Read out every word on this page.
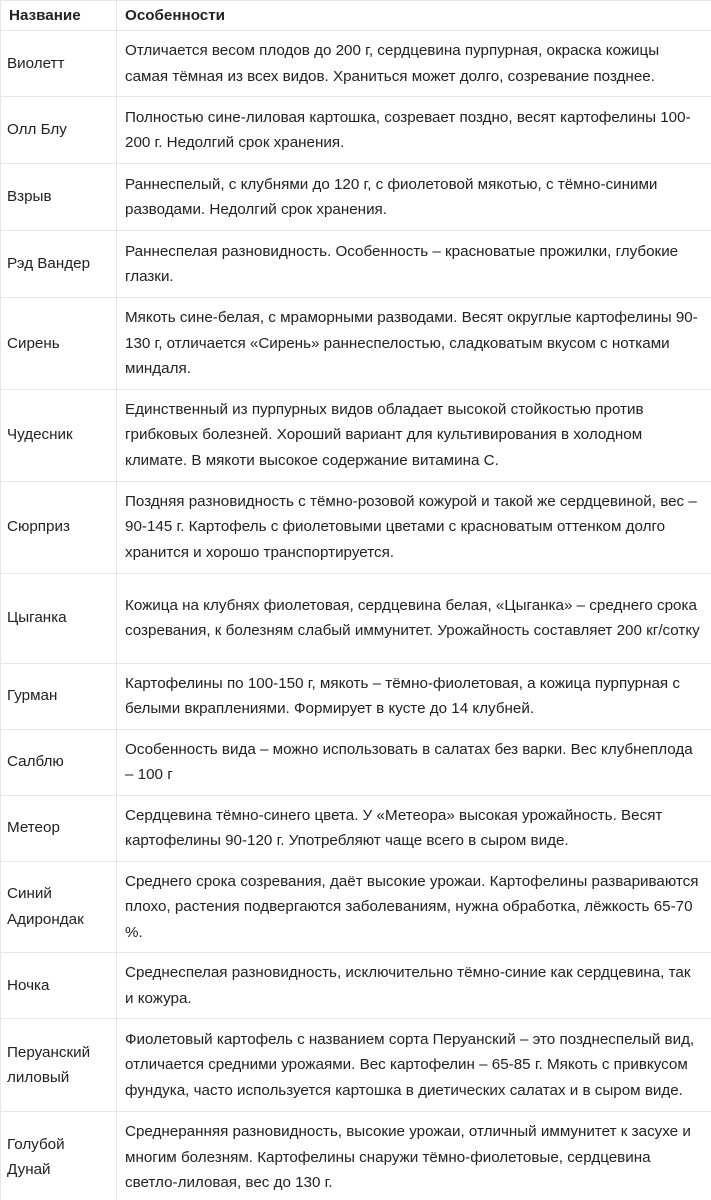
Название	Особенности
Виолетт	Отличается весом плодов до 200 г, сердцевина пурпурная, окраска кожицы самая тёмная из всех видов. Храниться может долго, созревание позднее.
Олл Блу	Полностью сине-лиловая картошка, созревает поздно, весят картофелины 100-200 г. Недолгий срок хранения.
Взрыв	Раннеспелый, с клубнями до 120 г, с фиолетовой мякотью, с тёмно-синими разводами. Недолгий срок хранения.
Рэд Вандер	Раннеспелая разновидность. Особенность – красноватые прожилки, глубокие глазки.
Сирень	Мякоть сине-белая, с мраморными разводами. Весят округлые картофелины 90-130 г, отличается «Сирень» раннеспелостью, сладковатым вкусом с нотками миндаля.
Чудесник	Единственный из пурпурных видов обладает высокой стойкостью против грибковых болезней. Хороший вариант для культивирования в холодном климате. В мякоти высокое содержание витамина С.
Сюрприз	Поздняя разновидность с тёмно-розовой кожурой и такой же сердцевиной, вес – 90-145 г. Картофель с фиолетовыми цветами с красноватым оттенком долго хранится и хорошо транспортируется.
Цыганка	Кожица на клубнях фиолетовая, сердцевина белая, «Цыганка» – среднего срока созревания, к болезням слабый иммунитет. Урожайность составляет 200 кг/сотку
Гурман	Картофелины по 100-150 г, мякоть – тёмно-фиолетовая, а кожица пурпурная с белыми вкраплениями. Формирует в кусте до 14 клубней.
Салблю	Особенность вида – можно использовать в салатах без варки. Вес клубнеплода – 100 г
Метеор	Сердцевина тёмно-синего цвета. У «Метеора» высокая урожайность. Весят картофелины 90-120 г. Употребляют чаще всего в сыром виде.
Синий Адирондак	Среднего срока созревания, даёт высокие урожаи. Картофелины развариваются плохо, растения подвергаются заболеваниям, нужна обработка, лёжкость 65-70 %.
Ночка	Среднеспелая разновидность, исключительно тёмно-синие как сердцевина, так и кожура.
Перуанский лиловый	Фиолетовый картофель с названием сорта Перуанский – это позднеспелый вид, отличается средними урожаями. Вес картофелин – 65-85 г. Мякоть с привкусом фундука, часто используется картошка в диетических салатах и в сыром виде.
Голубой Дунай	Среднеранняя разновидность, высокие урожаи, отличный иммунитет к засухе и многим болезням. Картофелины снаружи тёмно-фиолетовые, сердцевина светло-лиловая, вес до 130 г.
